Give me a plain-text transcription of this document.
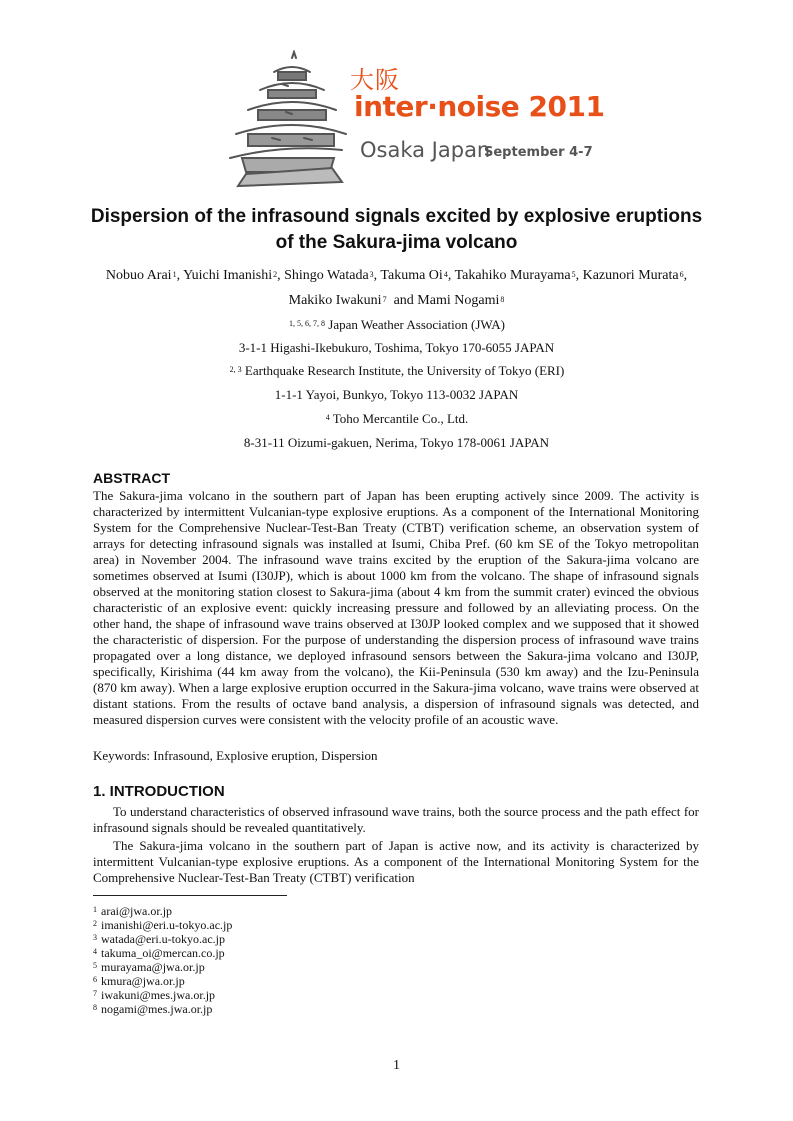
大阪
inter·noise 2011
Osaka Japan
September 4-7
Dispersion of the infrasound signals excited by explosive eruptions
of the Sakura-jima volcano
Nobuo Arai$^1$, Yuichi Imanishi$^2$, Shingo Watada$^3$, Takuma Oi$^4$, Takahiko Murayama$^5$, Kazunori Murata$^6$,
Makiko Iwakuni$^7$ and Mami Nogami$^8$
$^{1, 5, 6, 7, 8}$ Japan Weather Association (JWA)
3-1-1 Higashi-Ikebukuro, Toshima, Tokyo 170-6055 JAPAN
$^{2, 3}$ Earthquake Research Institute, the University of Tokyo (ERI)
1-1-1 Yayoi, Bunkyo, Tokyo 113-0032 JAPAN
$^4$ Toho Mercantile Co., Ltd.
8-31-11 Oizumi-gakuen, Nerima, Tokyo 178-0061 JAPAN
ABSTRACT

The Sakura-jima volcano in the southern part of Japan has been erupting actively since 2009. The activity is characterized by intermittent Vulcanian-type explosive eruptions. As a component of the International Monitoring System for the Comprehensive Nuclear-Test-Ban Treaty (CTBT) verification scheme, an observation system of arrays for detecting infrasound signals was installed at Isumi, Chiba Pref. (60 km SE of the Tokyo metropolitan area) in November 2004. The infrasound wave trains excited by the eruption of the Sakura-jima volcano are sometimes observed at Isumi (I30JP), which is about 1000 km from the volcano. The shape of infrasound signals observed at the monitoring station closest to Sakura-jima (about 4 km from the summit crater) evinced the obvious characteristic of an explosive event: quickly increasing pressure and followed by an alleviating process. On the other hand, the shape of infrasound wave trains observed at I30JP looked complex and we supposed that it showed the characteristic of dispersion. For the purpose of understanding the dispersion process of infrasound wave trains propagated over a long distance, we deployed infrasound sensors between the Sakura-jima volcano and I30JP, specifically, Kirishima (44 km away from the volcano), the Kii-Peninsula (530 km away) and the Izu-Peninsula (870 km away). When a large explosive eruption occurred in the Sakura-jima volcano, wave trains were observed at distant stations. From the results of octave band analysis, a dispersion of infrasound signals was detected, and measured dispersion curves were consistent with the velocity profile of an acoustic wave.

Keywords: Infrasound, Explosive eruption, Dispersion

1. INTRODUCTION

To understand characteristics of observed infrasound wave trains, both the source process and the path effect for infrasound signals should be revealed quantitatively.

The Sakura-jima volcano in the southern part of Japan is active now, and its activity is characterized by intermittent Vulcanian-type explosive eruptions. As a component of the International Monitoring System for the Comprehensive Nuclear-Test-Ban Treaty (CTBT) verification

$^1$ arai@jwa.or.jp
$^2$ imanishi@eri.u-tokyo.ac.jp
$^3$ watada@eri.u-tokyo.ac.jp
$^4$ takuma_oi@mercan.co.jp
$^5$ murayama@jwa.or.jp
$^6$ kmura@jwa.or.jp
$^7$ iwakuni@mes.jwa.or.jp
$^8$ nogami@mes.jwa.or.jp
1
